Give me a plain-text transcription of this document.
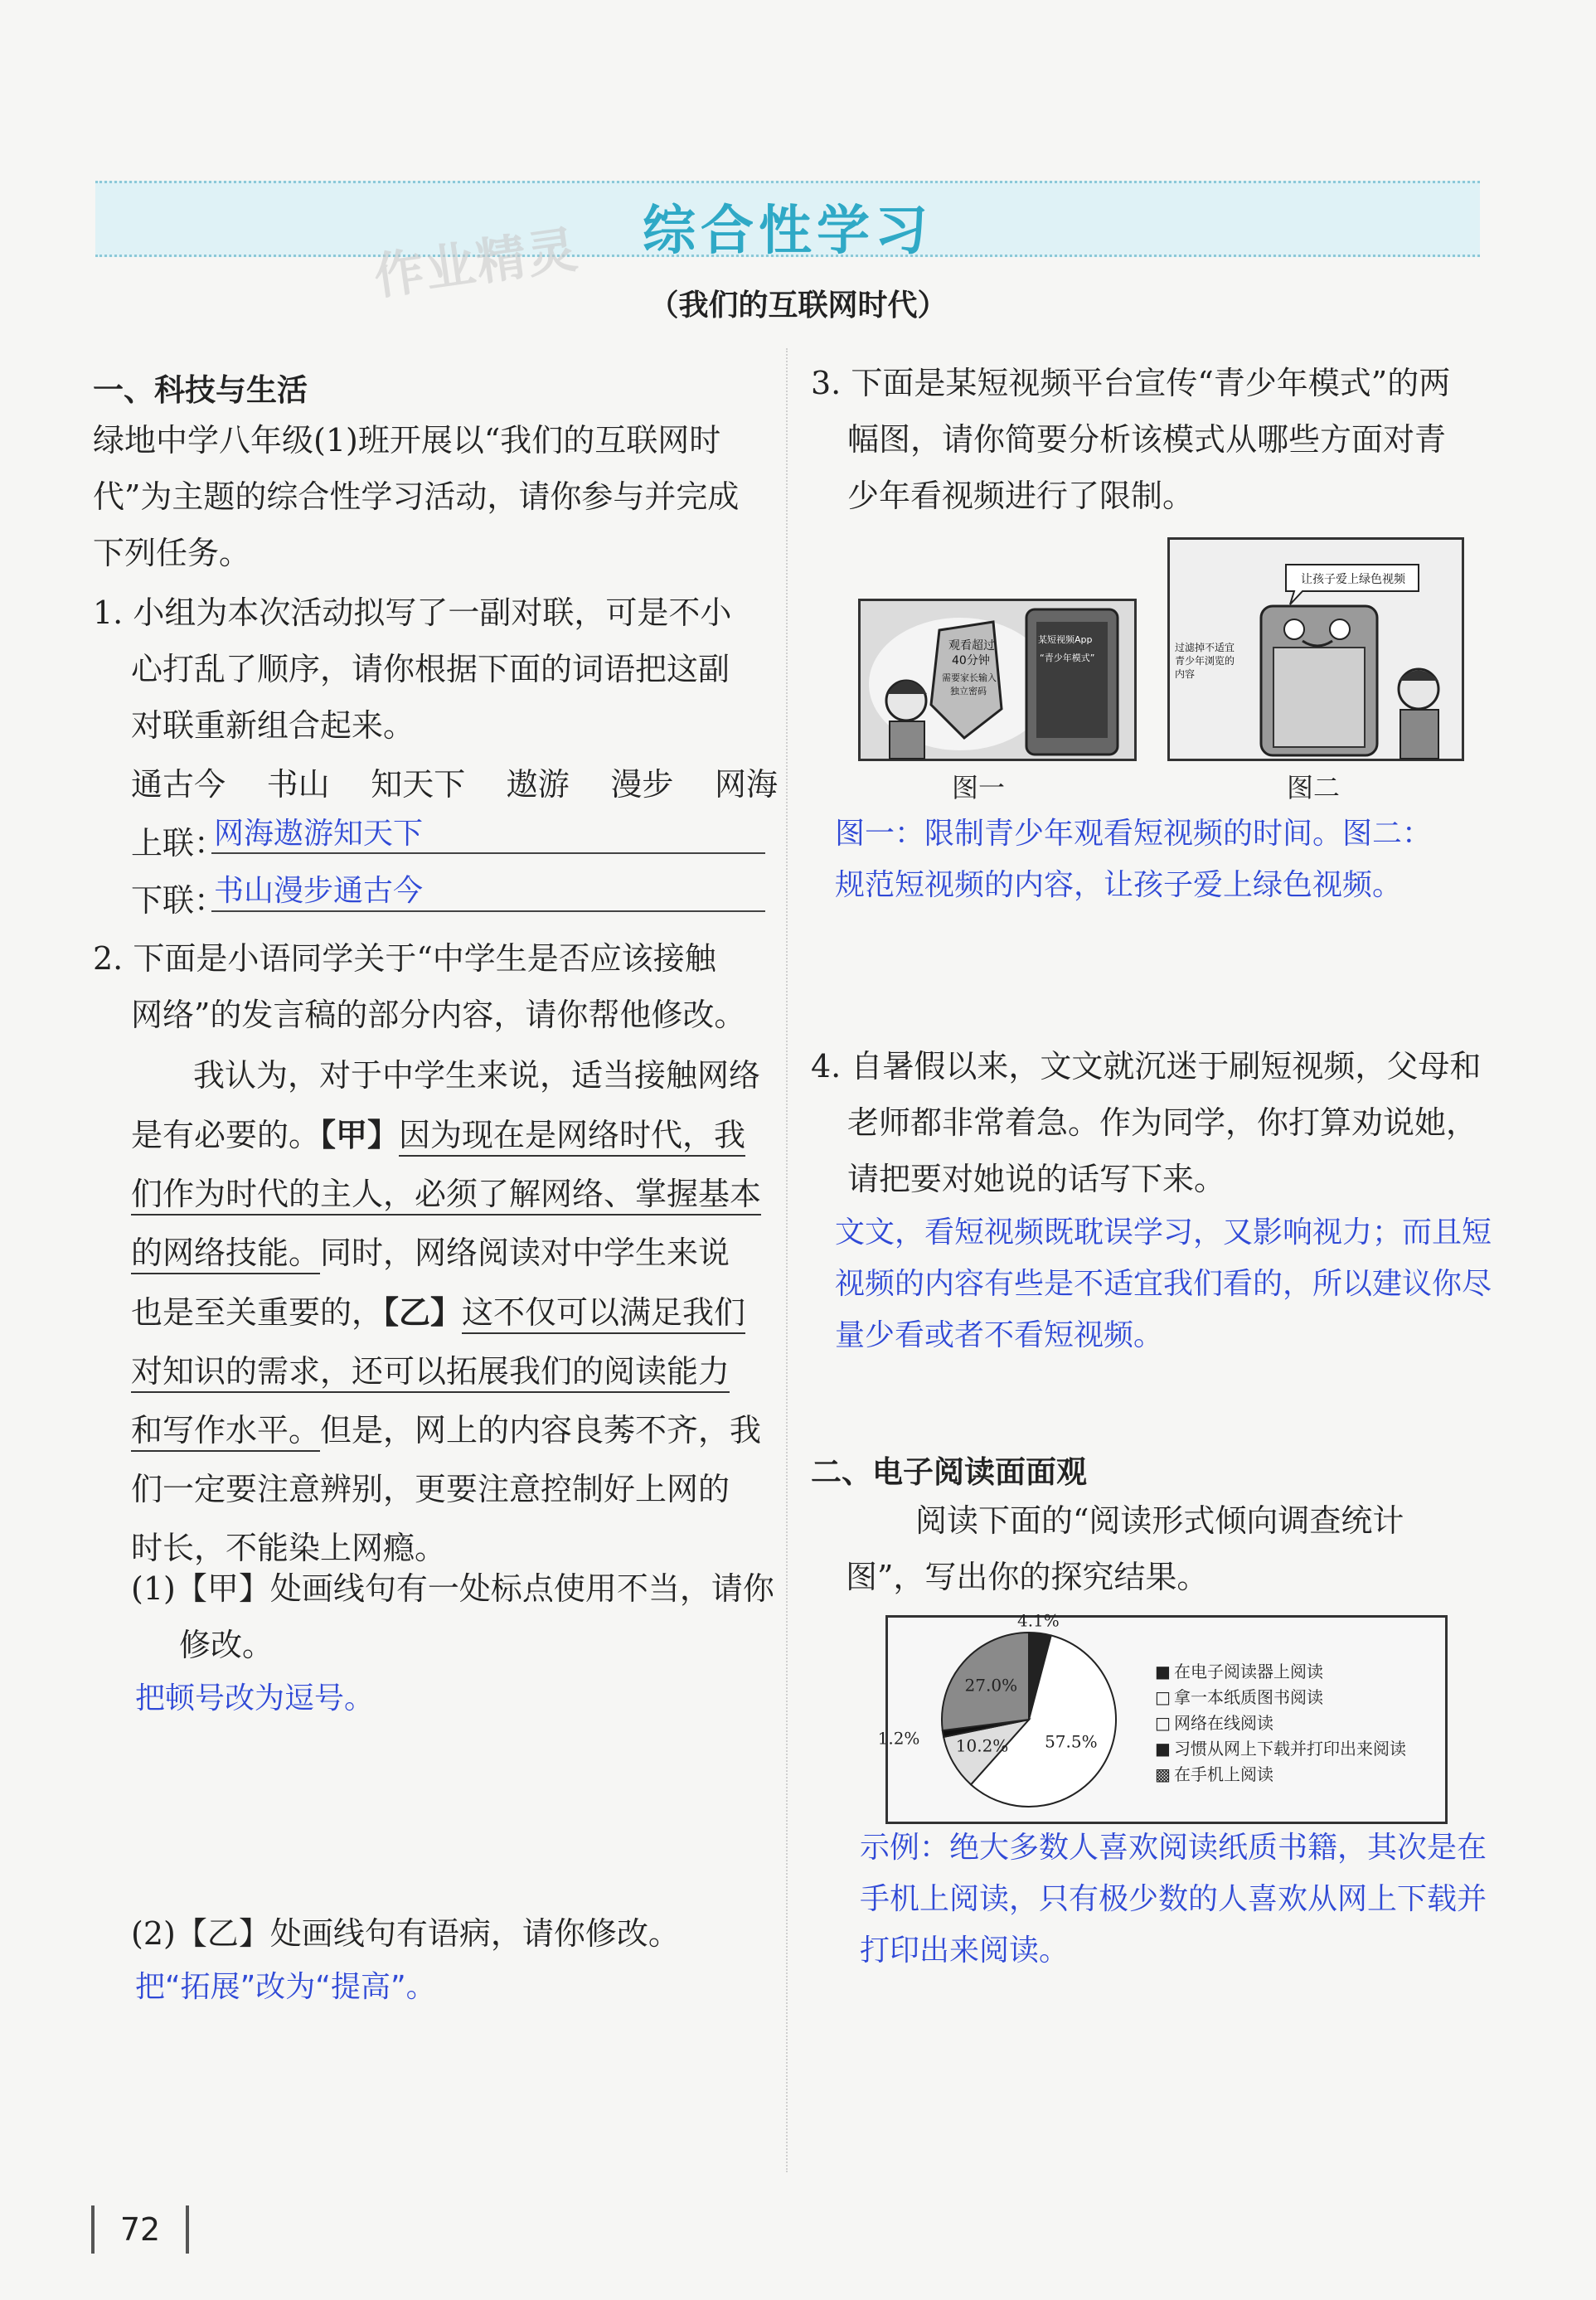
综合性学习
作业精灵	（我们的互联网时代）
一、科技与生活
绿地中学八年级(1)班开展以“我们的互联网时
代”为主题的综合性学习活动，请你参与并完成
下列任务。
1. 小组为本次活动拟写了一副对联，可是不小
心打乱了顺序，请你根据下面的词语把这副
对联重新组合起来。
通古今 书山 知天下 遨游 漫步 网海
上联：
网海遨游知天下
下联：
书山漫步通古今
2. 下面是小语同学关于“中学生是否应该接触
网络”的发言稿的部分内容，请你帮他修改。
我认为，对于中学生来说，适当接触网络
是有必要的。【甲】因为现在是网络时代，我
们作为时代的主人，必须了解网络、掌握基本
的网络技能。同时，网络阅读对中学生来说
也是至关重要的，【乙】这不仅可以满足我们
对知识的需求，还可以拓展我们的阅读能力
和写作水平。但是，网上的内容良莠不齐，我
们一定要注意辨别，更要注意控制好上网的
时长，不能染上网瘾。
(1)【甲】处画线句有一处标点使用不当，请你
修改。
把顿号改为逗号。
(2)【乙】处画线句有语病，请你修改。
把“拓展”改为“提高”。
3. 下面是某短视频平台宣传“青少年模式”的两
幅图，请你简要分析该模式从哪些方面对青
少年看视频进行了限制。
观看超过
40分钟
需要家长输入
独立密码
某短视频App
“青少年模式”
图一
让孩子爱上绿色视频
过滤掉不适宜
青少年浏览的
内容
图二
图一：限制青少年观看短视频的时间。图二：
规范短视频的内容，让孩子爱上绿色视频。
4. 自暑假以来，文文就沉迷于刷短视频，父母和
老师都非常着急。作为同学，你打算劝说她，
请把要对她说的话写下来。
文文，看短视频既耽误学习，又影响视力；而且短
视频的内容有些是不适宜我们看的，所以建议你尽
量少看或者不看短视频。
二、电子阅读面面观
阅读下面的“阅读形式倾向调查统计
图”，写出你的探究结果。
4.1%
57.5%
10.2%
1.2%
27.0%
■ 在电子阅读器上阅读
□ 拿一本纸质图书阅读
□ 网络在线阅读
■ 习惯从网上下载并打印出来阅读
▩ 在手机上阅读
示例：绝大多数人喜欢阅读纸质书籍，其次是在
手机上阅读，只有极少数的人喜欢从网上下载并
打印出来阅读。
72
